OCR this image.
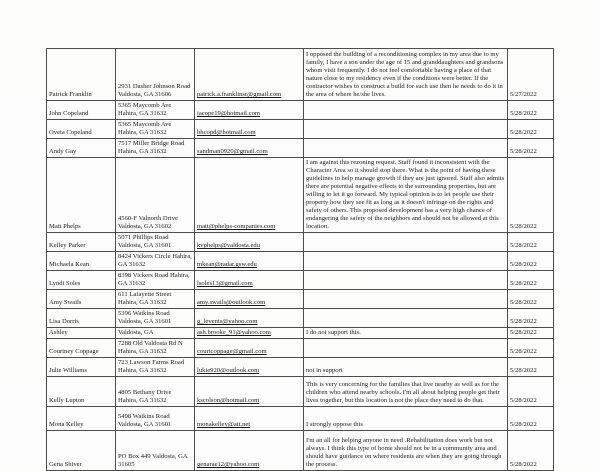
Patrick Franklin	2931 Dasher Johnson Road Valdosta, GA 31606	patrick.a.franklinsr@gmail.com	I opposed the building of a reconditioning complex in my area due to my family, I have a son under the age of 15 and granddaughters and grandsons whom visit frequently. I do not feel comfortable having a place of that nature close to my residency even if the conditions were better. If the contractor wishes to construct a build for such use then he needs to do it in the area of where he/she lives.	5/27/2022
John Copeland	5365 Maycomb Ave Hahira, GA 31632	jacope19@hotmail.com		5/28/2022
Oveta Copeland	5365 Maycomb Ave Hahira, GA 31632	bhcopd@hotmail.com		5/28/2022
Andy Gay	7517 Miller Bridge Road Hahira, GA 31632	sandman0920@gmail.com		5/28/2022
Matt Phelps	4560-F Valnorth Drive Valdosta, GA 31602	matt@phelps-companies.com	I am against this rezoning request. Staff found it inconsistent with the Character Area so it should stop there. What is the point of having these guidelines to help manage growth if they are just ignored. Staff also admits there are potential negative effects to the surrounding properties, but are willing to let it go forward. My typical opinion is to let people use their property how they see fit as long as it doesn't infringe on the rights and safety of others. This proposed development has a very high chance of endangering the safety of the neighbors and should not be allowed at this location.	5/28/2022
Kelley Parker	5071 Phillips Road Valdosta, GA 31601	kvphelps@valdosta.edu		5/28/2022
Michaela Kean	8424 Vickers Circle Hahira, GA 31632	mkean@radar.gsw.edu		5/28/2022
Lyndi Soles	8398 Vickers Road Hahira, GA 31632	lsoles13@gmail.com		5/28/2022
Amy Swails	611 Lafayette Street Hahira, GA 31632	amy.swails@outlook.com		5/28/2022
Lisa Dorris	5396 Watkins Road Valdosta, GA 31601	g_levents@yahoo.com		5/28/2022
Ashley	Valdosta, GA	ash.brooke_91@yahoo.com	I do not support this.	5/28/2022
Courtney Coppage	7288 Old Valdosta Rd N Hahira, GA 31632	courtcoppage@gmail.com		5/28/2022
Julie Williams	723 Lawson Farms Road Hahira, GA 31632	lukie920@outlook.com	not in support	5/28/2022
Kelly Lupton	4805 Bethany Drive Hahira, GA 31632	kscolson@hotmail.com	This is very concerning for the families that live nearby as well as for the children who attend nearby schools. I'm all about helping people get their lives together, but this location is not the place they need to do that.	5/28/2022
Mona Kelley	5498 Watkins Road Valdosta, GA 31601	monakelley@att.net	I strongly oppose this	5/28/2022
Gena Shiver	PO Box 449 Valdosta, GA 31605	genarae12@yahoo.com	I'm an all for helping anyone in need .Rehabilitation does work but not always. I think this type of home should not be in a community area and should have guidance on where residents are when they are going through the process.	5/28/2022
